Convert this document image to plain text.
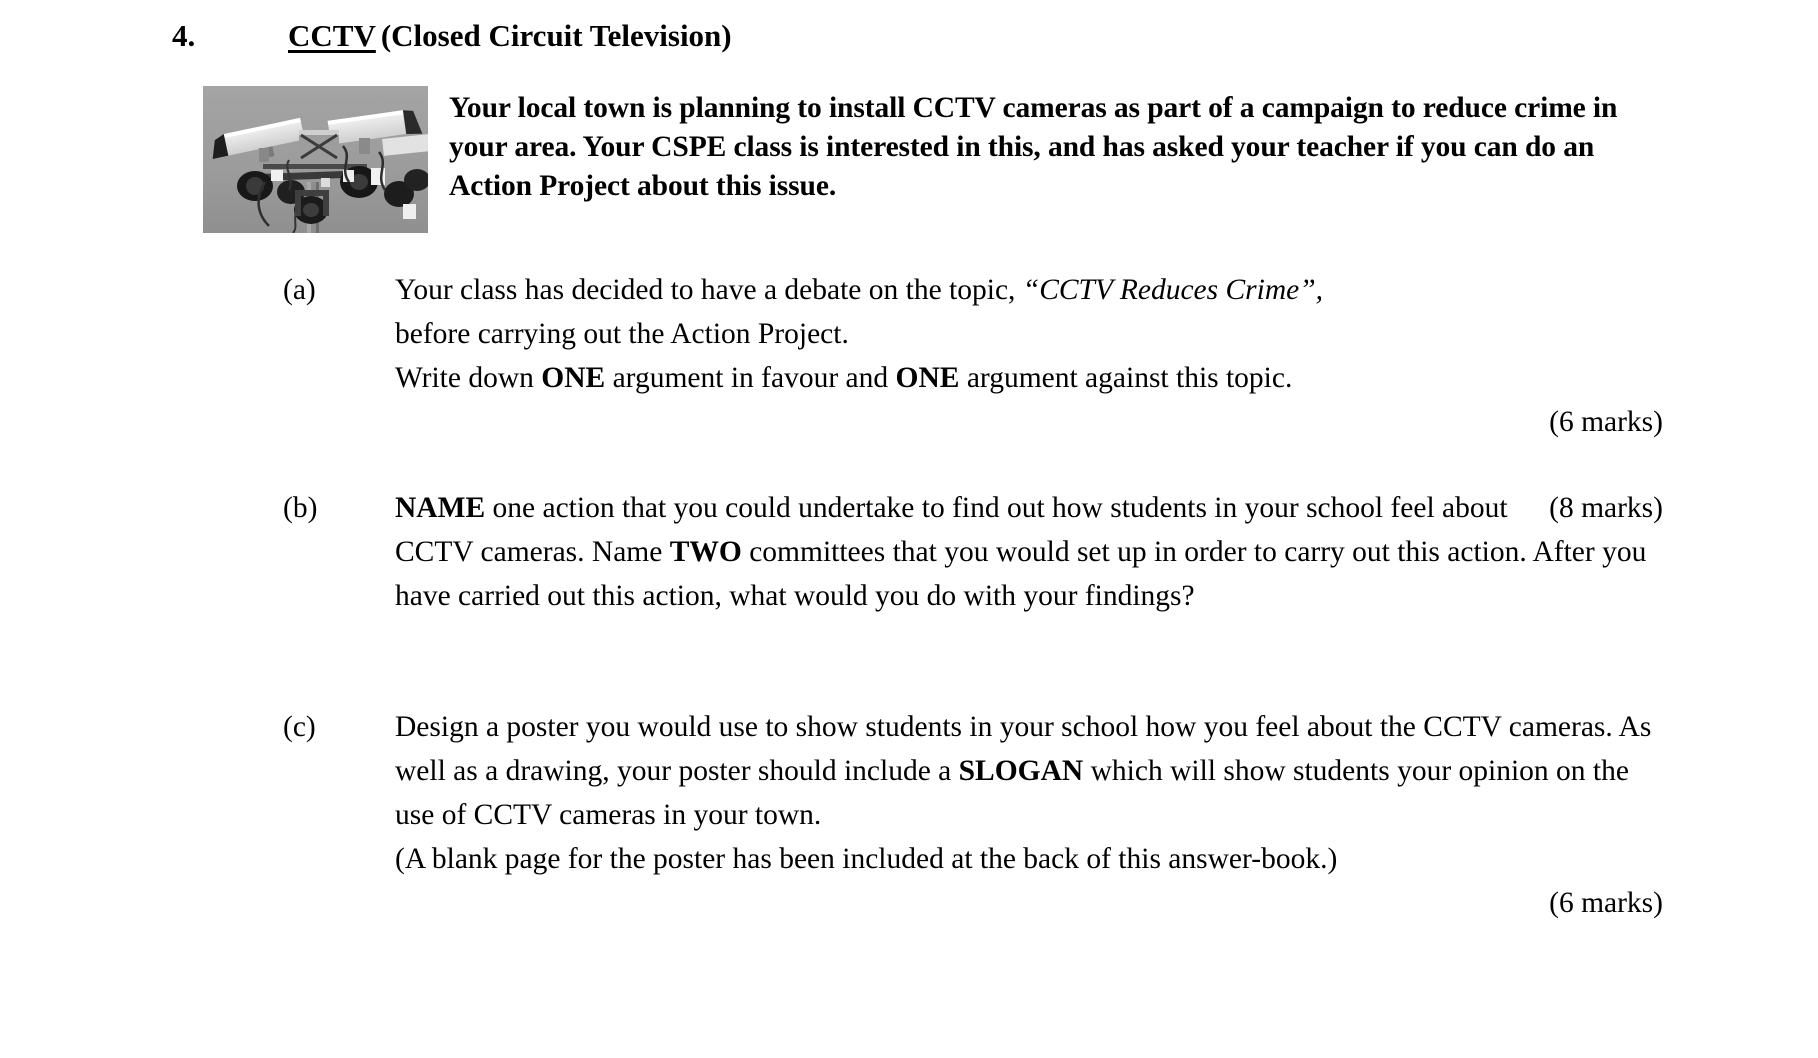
4.	CCTV (Closed Circuit Television)
Your local town is planning to install CCTV cameras as part of a campaign to reduce crime in your area. Your CSPE class is interested in this, and has asked your teacher if you can do an Action Project about this issue.
(a)	Your class has decided to have a debate on the topic, “CCTV Reduces Crime”,
before carrying out the Action Project.
Write down ONE argument in favour and ONE argument against this topic.
(6 marks)
(b)	(8 marks)
NAME one action that you could undertake to find out how students in your school feel about CCTV cameras. Name TWO committees that you would set up in order to carry out this action. After you have carried out this action, what would you do with your findings?
(c)	Design a poster you would use to show students in your school how you feel about the CCTV cameras. As well as a drawing, your poster should include a SLOGAN which will show students your opinion on the use of CCTV cameras in your town.
(A blank page for the poster has been included at the back of this answer-book.)
(6 marks)
